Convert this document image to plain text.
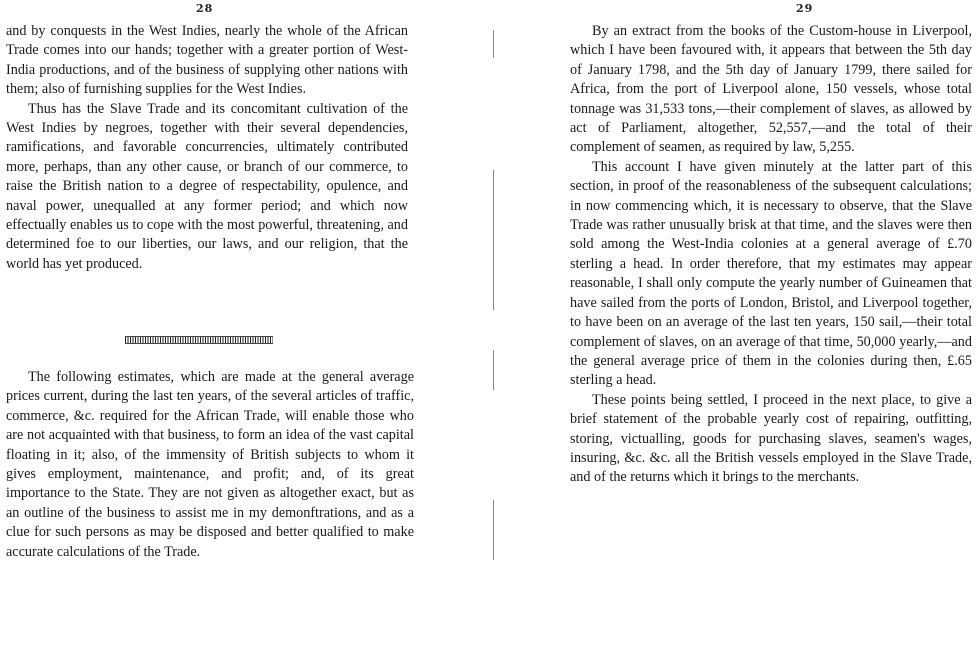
28

and by conquests in the West Indies, nearly the whole of the African Trade comes into our hands; together with a greater portion of West-India productions, and of the business of supplying other nations with them; also of furnishing supplies for the West Indies.

Thus has the Slave Trade and its concomitant cultivation of the West Indies by negroes, together with their several dependencies, ramifications, and favorable concurrencies, ultimately contributed more, perhaps, than any other cause, or branch of our commerce, to raise the British nation to a degree of respectability, opulence, and naval power, unequalled at any former period; and which now effectually enables us to cope with the most powerful, threatening, and determined foe to our liberties, our laws, and our religion, that the world has yet produced.

The following estimates, which are made at the general average prices current, during the last ten years, of the several articles of traffic, commerce, &c. required for the African Trade, will enable those who are not acquainted with that business, to form an idea of the vast capital floating in it; also, of the immensity of British subjects to whom it gives employment, maintenance, and profit; and, of its great importance to the State. They are not given as altogether exact, but as an outline of the business to assist me in my demonftrations, and as a clue for such persons as may be disposed and better qualified to make accurate calculations of the Trade.

29

By an extract from the books of the Custom-house in Liverpool, which I have been favoured with, it appears that between the 5th day of January 1798, and the 5th day of January 1799, there sailed for Africa, from the port of Liverpool alone, 150 vessels, whose total tonnage was 31,533 tons,—their complement of slaves, as allowed by act of Parliament, altogether, 52,557,—and the total of their complement of seamen, as required by law, 5,255.

This account I have given minutely at the latter part of this section, in proof of the reasonableness of the subsequent calculations; in now commencing which, it is necessary to observe, that the Slave Trade was rather unusually brisk at that time, and the slaves were then sold among the West-India colonies at a general average of £.70 sterling a head. In order therefore, that my estimates may appear reasonable, I shall only compute the yearly number of Guineamen that have sailed from the ports of London, Bristol, and Liverpool together, to have been on an average of the last ten years, 150 sail,—their total complement of slaves, on an average of that time, 50,000 yearly,—and the general average price of them in the colonies during then, £.65 sterling a head.

These points being settled, I proceed in the next place, to give a brief statement of the probable yearly cost of repairing, outfitting, storing, victualling, goods for purchasing slaves, seamen's wages, insuring, &c. &c. all the British vessels employed in the Slave Trade, and of the returns which it brings to the merchants.
